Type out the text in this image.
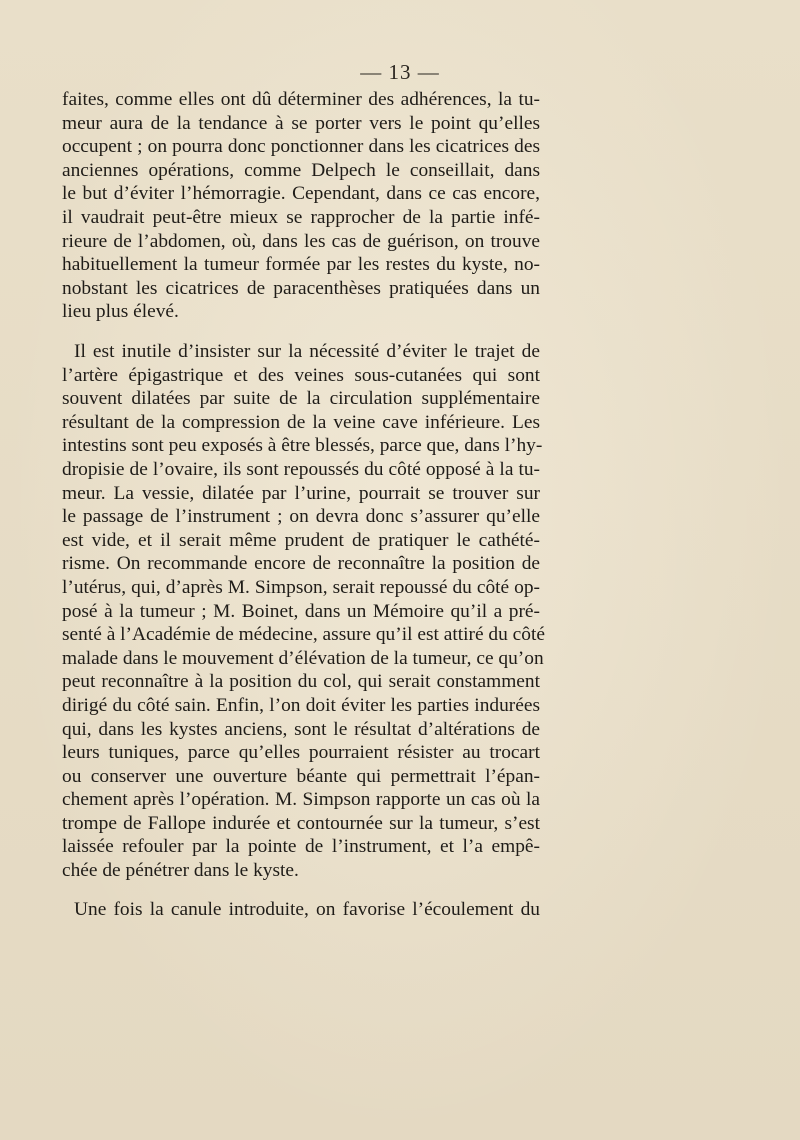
— 13 —
faites, comme elles ont dû déterminer des adhérences, la tu-
meur aura de la tendance à se porter vers le point qu’elles
occupent ; on pourra donc ponctionner dans les cicatrices des
anciennes opérations, comme Delpech le conseillait, dans
le but d’éviter l’hémorragie. Cependant, dans ce cas encore,
il vaudrait peut-être mieux se rapprocher de la partie infé-
rieure de l’abdomen, où, dans les cas de guérison, on trouve
habituellement la tumeur formée par les restes du kyste, no-
nobstant les cicatrices de paracenthèses pratiquées dans un
lieu plus élevé.
Il est inutile d’insister sur la nécessité d’éviter le trajet de
l’artère épigastrique et des veines sous-cutanées qui sont
souvent dilatées par suite de la circulation supplémentaire
résultant de la compression de la veine cave inférieure. Les
intestins sont peu exposés à être blessés, parce que, dans l’hy-
dropisie de l’ovaire, ils sont repoussés du côté opposé à la tu-
meur. La vessie, dilatée par l’urine, pourrait se trouver sur
le passage de l’instrument ; on devra donc s’assurer qu’elle
est vide, et il serait même prudent de pratiquer le cathété-
risme. On recommande encore de reconnaître la position de
l’utérus, qui, d’après M. Simpson, serait repoussé du côté op-
posé à la tumeur ; M. Boinet, dans un Mémoire qu’il a pré-
senté à l’Académie de médecine, assure qu’il est attiré du côté
malade dans le mouvement d’élévation de la tumeur, ce qu’on
peut reconnaître à la position du col, qui serait constamment
dirigé du côté sain. Enfin, l’on doit éviter les parties indurées
qui, dans les kystes anciens, sont le résultat d’altérations de
leurs tuniques, parce qu’elles pourraient résister au trocart
ou conserver une ouverture béante qui permettrait l’épan-
chement après l’opération. M. Simpson rapporte un cas où la
trompe de Fallope indurée et contournée sur la tumeur, s’est
laissée refouler par la pointe de l’instrument, et l’a empê-
chée de pénétrer dans le kyste.
Une fois la canule introduite, on favorise l’écoulement du
